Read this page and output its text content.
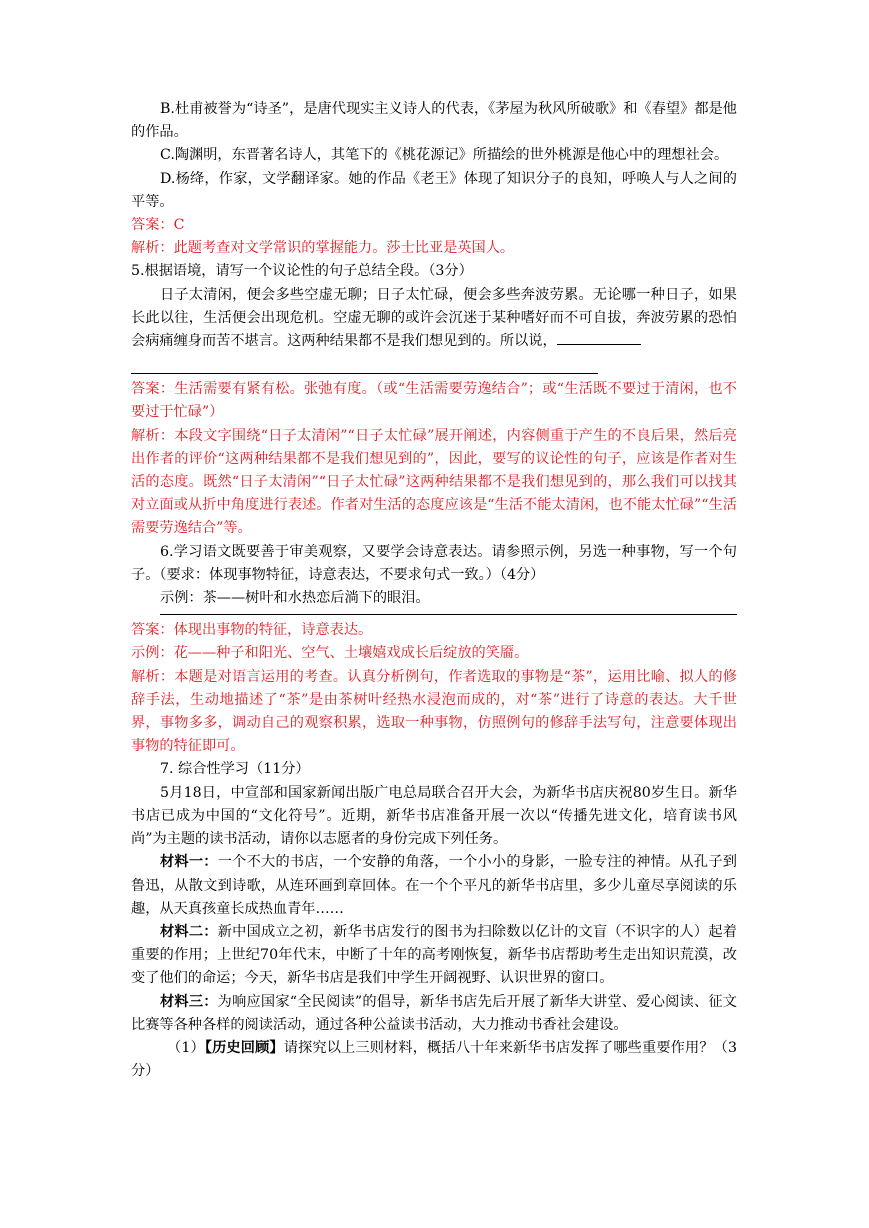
B.杜甫被誉为“诗圣”，是唐代现实主义诗人的代表，《茅屋为秋风所破歌》和《春望》都是他的作品。

C.陶渊明，东晋著名诗人，其笔下的《桃花源记》所描绘的世外桃源是他心中的理想社会。

D.杨绛，作家，文学翻译家。她的作品《老王》体现了知识分子的良知，呼唤人与人之间的平等。

答案：C

解析：此题考查对文学常识的掌握能力。莎士比亚是英国人。

5.根据语境，请写一个议论性的句子总结全段。（3分）

日子太清闲，便会多些空虚无聊；日子太忙碌，便会多些奔波劳累。无论哪一种日子，如果长此以往，生活便会出现危机。空虚无聊的或许会沉迷于某种嗜好而不可自拔，奔波劳累的恐怕会病痛缠身而苦不堪言。这两种结果都不是我们想见到的。所以说，

答案：生活需要有紧有松。张弛有度。（或“生活需要劳逸结合”；或“生活既不要过于清闲，也不要过于忙碌”）

解析：本段文字围绕“日子太清闲”“日子太忙碌”展开阐述，内容侧重于产生的不良后果，然后亮出作者的评价“这两种结果都不是我们想见到的”，因此，要写的议论性的句子，应该是作者对生活的态度。既然“日子太清闲”“日子太忙碌”这两种结果都不是我们想见到的，那么我们可以找其对立面或从折中角度进行表述。作者对生活的态度应该是“生活不能太清闲，也不能太忙碌”“生活需要劳逸结合”等。

6.学习语文既要善于审美观察，又要学会诗意表达。请参照示例，另选一种事物，写一个句子。（要求：体现事物特征，诗意表达，不要求句式一致。）（4分）

示例：茶——树叶和水热恋后淌下的眼泪。

答案：体现出事物的特征，诗意表达。

示例：花——种子和阳光、空气、土壤嬉戏成长后绽放的笑靥。

解析：本题是对语言运用的考查。认真分析例句，作者选取的事物是“茶”，运用比喻、拟人的修辞手法，生动地描述了“茶”是由茶树叶经热水浸泡而成的，对“茶”进行了诗意的表达。大千世界，事物多多，调动自己的观察积累，选取一种事物，仿照例句的修辞手法写句，注意要体现出事物的特征即可。

7. 综合性学习（11分）

5月18日，中宣部和国家新闻出版广电总局联合召开大会，为新华书店庆祝80岁生日。新华书店已成为中国的“文化符号”。近期，新华书店准备开展一次以“传播先进文化，培育读书风尚”为主题的读书活动，请你以志愿者的身份完成下列任务。

材料一：一个不大的书店，一个安静的角落，一个小小的身影，一脸专注的神情。从孔子到鲁迅，从散文到诗歌，从连环画到章回体。在一个个平凡的新华书店里，多少儿童尽享阅读的乐趣，从天真孩童长成热血青年……

材料二：新中国成立之初，新华书店发行的图书为扫除数以亿计的文盲（不识字的人）起着重要的作用；上世纪70年代末，中断了十年的高考刚恢复，新华书店帮助考生走出知识荒漠，改变了他们的命运；今天，新华书店是我们中学生开阔视野、认识世界的窗口。

材料三：为响应国家“全民阅读”的倡导，新华书店先后开展了新华大讲堂、爱心阅读、征文比赛等各种各样的阅读活动，通过各种公益读书活动，大力推动书香社会建设。

（1）【历史回顾】请探究以上三则材料，概括八十年来新华书店发挥了哪些重要作用？（3分）
